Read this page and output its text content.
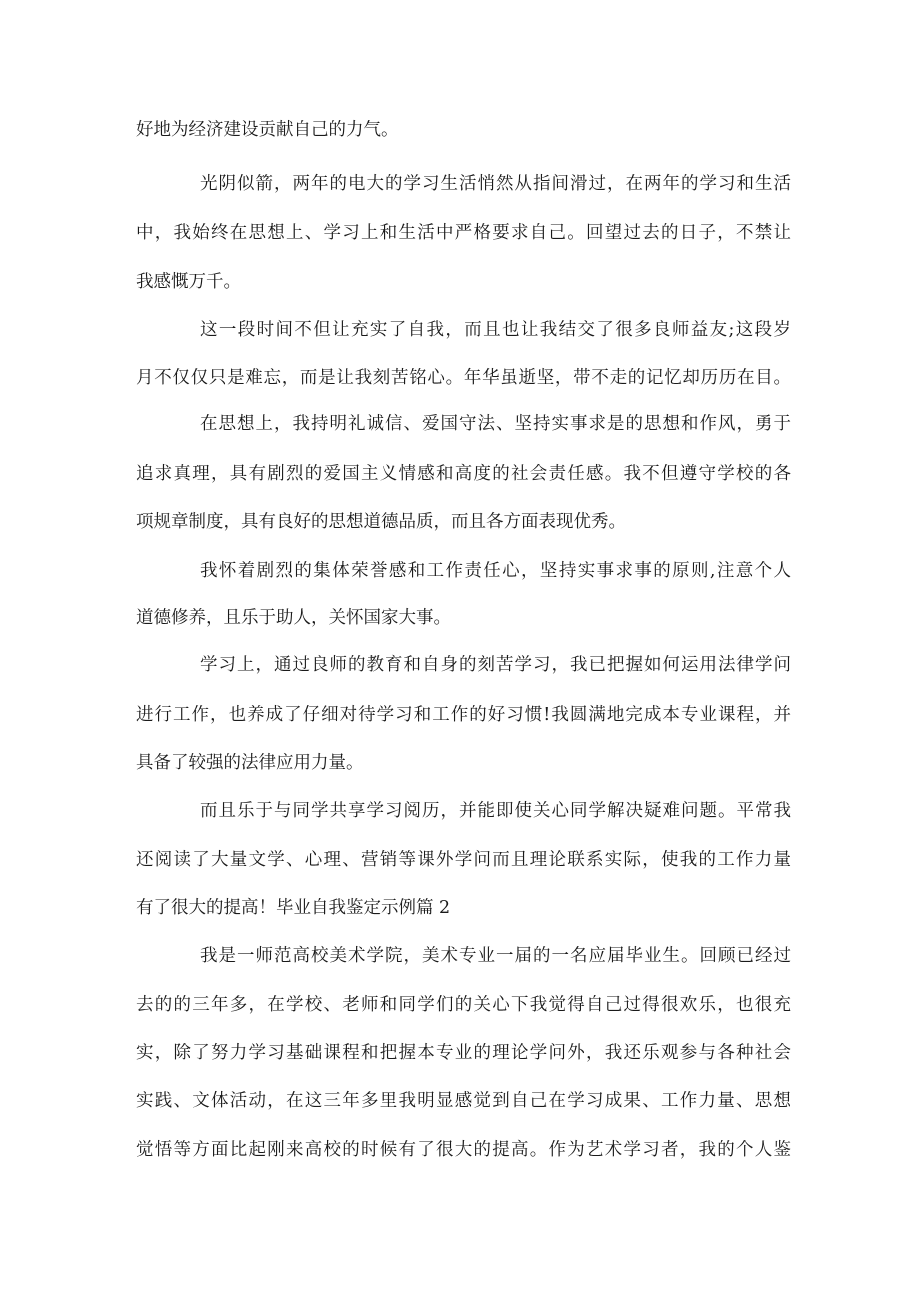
好地为经济建设贡献自己的力气。
光阴似箭，两年的电大的学习生活悄然从指间滑过，在两年的学习和生活
中，我始终在思想上、学习上和生活中严格要求自己。回望过去的日子，不禁让
我感慨万千。
这一段时间不但让充实了自我，而且也让我结交了很多良师益友;这段岁
月不仅仅只是难忘，而是让我刻苦铭心。年华虽逝坚，带不走的记忆却历历在目。
在思想上，我持明礼诚信、爱国守法、坚持实事求是的思想和作风，勇于
追求真理，具有剧烈的爱国主义情感和高度的社会责任感。我不但遵守学校的各
项规章制度，具有良好的思想道德品质，而且各方面表现优秀。
我怀着剧烈的集体荣誉感和工作责任心，坚持实事求事的原则,注意个人
道德修养，且乐于助人，关怀国家大事。
学习上，通过良师的教育和自身的刻苦学习，我已把握如何运用法律学问
进行工作，也养成了仔细对待学习和工作的好习惯!我圆满地完成本专业课程，并
具备了较强的法律应用力量。
而且乐于与同学共享学习阅历，并能即使关心同学解决疑难问题。平常我
还阅读了大量文学、心理、营销等课外学问而且理论联系实际，使我的工作力量
有了很大的提高！毕业自我鉴定示例篇 2
我是一师范高校美术学院，美术专业一届的一名应届毕业生。回顾已经过
去的的三年多，在学校、老师和同学们的关心下我觉得自己过得很欢乐，也很充
实，除了努力学习基础课程和把握本专业的理论学问外，我还乐观参与各种社会
实践、文体活动，在这三年多里我明显感觉到自己在学习成果、工作力量、思想
觉悟等方面比起刚来高校的时候有了很大的提高。作为艺术学习者，我的个人鉴
